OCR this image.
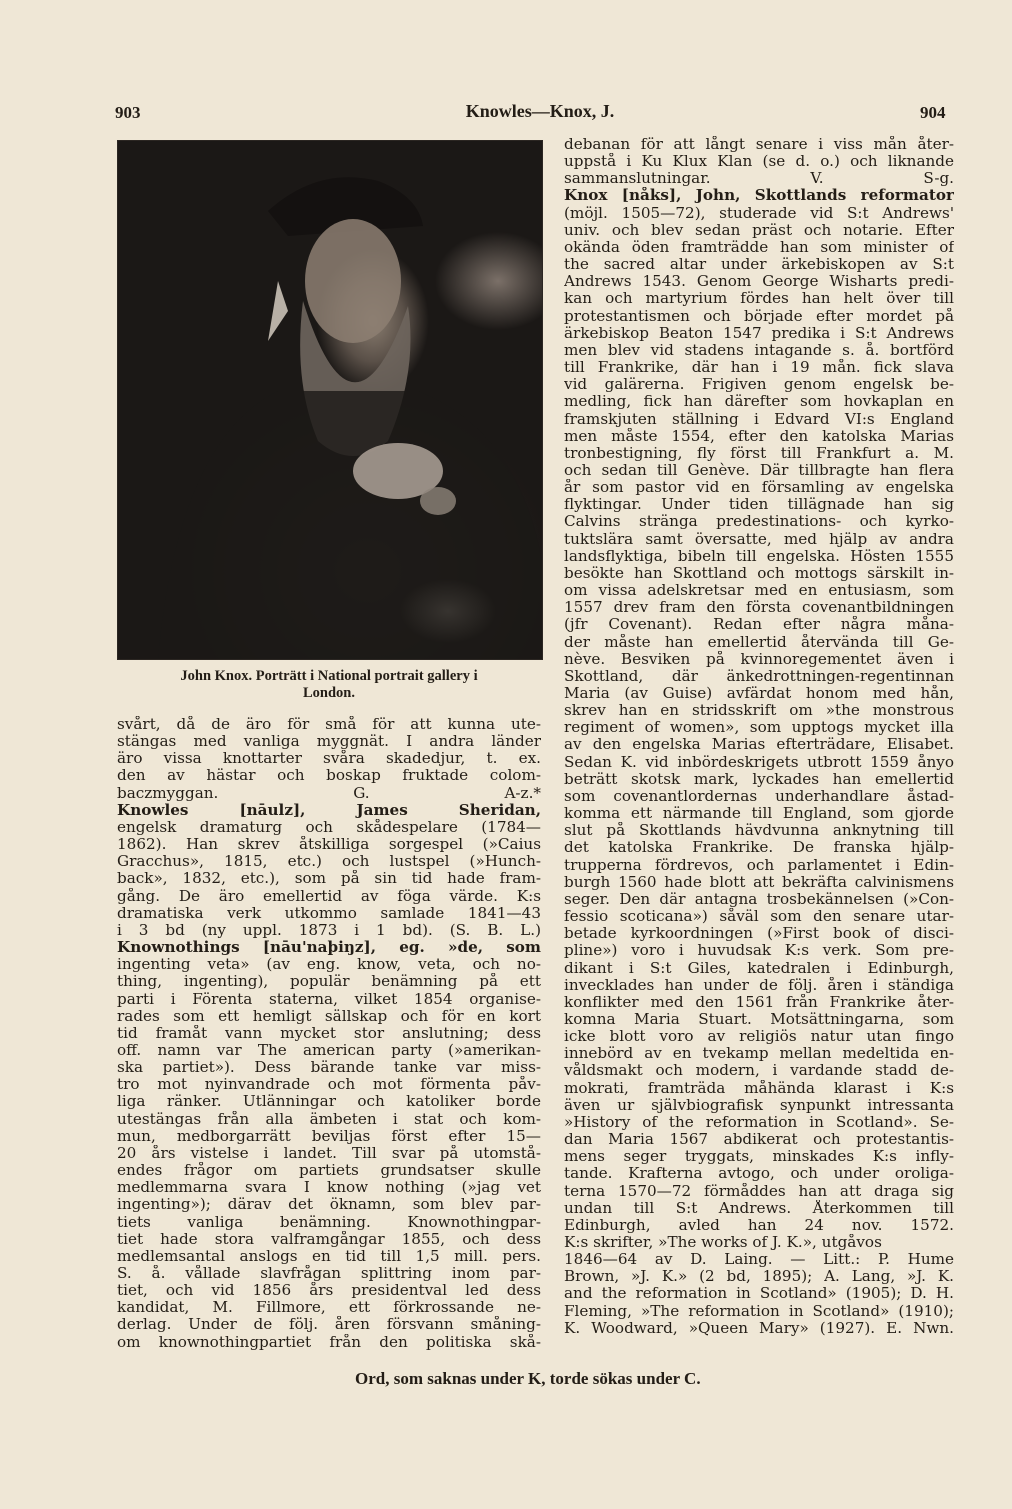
903	Knowles—Knox, J.	904
John Knox. Porträtt i National portrait gallery i
London.
svårt, då de äro för små för att kunna ute-
stängas med vanliga myggnät. I andra länder
äro vissa knottarter svåra skadedjur, t. ex.
den av hästar och boskap fruktade colom-
baczmyggan. G. A-z.*
Knowles [nāulz], James Sheridan,
engelsk dramaturg och skådespelare (1784—
1862). Han skrev åtskilliga sorgespel (»Caius
Gracchus», 1815, etc.) och lustspel (»Hunch-
back», 1832, etc.), som på sin tid hade fram-
gång. De äro emellertid av föga värde. K:s
dramatiska verk utkommo samlade 1841—43
i 3 bd (ny uppl. 1873 i 1 bd). (S. B. L.)
Knownothings [nāu'naþiŋz], eg. »de, som
ingenting veta» (av eng. know, veta, och no-
thing, ingenting), populär benämning på ett
parti i Förenta staterna, vilket 1854 organise-
rades som ett hemligt sällskap och för en kort
tid framåt vann mycket stor anslutning; dess
off. namn var The american party (»amerikan-
ska partiet»). Dess bärande tanke var miss-
tro mot nyinvandrade och mot förmenta påv-
liga ränker. Utlänningar och katoliker borde
utestängas från alla ämbeten i stat och kom-
mun, medborgarrätt beviljas först efter 15—
20 års vistelse i landet. Till svar på utomstå-
endes frågor om partiets grundsatser skulle
medlemmarna svara I know nothing (»jag vet
ingenting»); därav det öknamn, som blev par-
tiets vanliga benämning. Knownothingpar-
tiet hade stora valframgångar 1855, och dess
medlemsantal anslogs en tid till 1,5 mill. pers.
S. å. vållade slavfrågan splittring inom par-
tiet, och vid 1856 års presidentval led dess
kandidat, M. Fillmore, ett förkrossande ne-
derlag. Under de följ. åren försvann småning-
om knownothingpartiet från den politiska skå-
debanan för att långt senare i viss mån åter-
uppstå i Ku Klux Klan (se d. o.) och liknande
sammanslutningar. V. S-g.
Knox [nåks], John, Skottlands reformator
(möjl. 1505—72), studerade vid S:t Andrews'
univ. och blev sedan präst och notarie. Efter
okända öden framträdde han som minister of
the sacred altar under ärkebiskopen av S:t
Andrews 1543. Genom George Wisharts predi-
kan och martyrium fördes han helt över till
protestantismen och började efter mordet på
ärkebiskop Beaton 1547 predika i S:t Andrews
men blev vid stadens intagande s. å. bortförd
till Frankrike, där han i 19 mån. fick slava
vid galärerna. Frigiven genom engelsk be-
medling, fick han därefter som hovkaplan en
framskjuten ställning i Edvard VI:s England
men måste 1554, efter den katolska Marias
tronbestigning, fly först till Frankfurt a. M.
och sedan till Genève. Där tillbragte han flera
år som pastor vid en församling av engelska
flyktingar. Under tiden tillägnade han sig
Calvins stränga predestinations- och kyrko-
tuktslära samt översatte, med hjälp av andra
landsflyktiga, bibeln till engelska. Hösten 1555
besökte han Skottland och mottogs särskilt in-
om vissa adelskretsar med en entusiasm, som
1557 drev fram den första covenantbildningen
(jfr Covenant). Redan efter några måna-
der måste han emellertid återvända till Ge-
nève. Besviken på kvinnoregementet även i
Skottland, där änkedrottningen-regentinnan
Maria (av Guise) avfärdat honom med hån,
skrev han en stridsskrift om »the monstrous
regiment of women», som upptogs mycket illa
av den engelska Marias efterträdare, Elisabet.
Sedan K. vid inbördeskrigets utbrott 1559 ånyo
beträtt skotsk mark, lyckades han emellertid
som covenantlordernas underhandlare åstad-
komma ett närmande till England, som gjorde
slut på Skottlands hävdvunna anknytning till
det katolska Frankrike. De franska hjälp-
trupperna fördrevos, och parlamentet i Edin-
burgh 1560 hade blott att bekräfta calvinismens
seger. Den där antagna trosbekännelsen (»Con-
fessio scoticana») såväl som den senare utar-
betade kyrkoordningen (»First book of disci-
pline») voro i huvudsak K:s verk. Som pre-
dikant i S:t Giles, katedralen i Edinburgh,
invecklades han under de följ. åren i ständiga
konflikter med den 1561 från Frankrike åter-
komna Maria Stuart. Motsättningarna, som
icke blott voro av religiös natur utan fingo
innebörd av en tvekamp mellan medeltida en-
våldsmakt och modern, i vardande stadd de-
mokrati, framträda måhända klarast i K:s
även ur självbiografisk synpunkt intressanta
»History of the reformation in Scotland». Se-
dan Maria 1567 abdikerat och protestantis-
mens seger tryggats, minskades K:s infly-
tande. Krafterna avtogo, och under oroliga-
terna 1570—72 förmåddes han att draga sig
undan till S:t Andrews. Återkommen till
Edinburgh, avled han 24 nov. 1572.
K:s skrifter, »The works of J. K.», utgåvos
1846—64 av D. Laing. — Litt.: P. Hume
Brown, »J. K.» (2 bd, 1895); A. Lang, »J. K.
and the reformation in Scotland» (1905); D. H.
Fleming, »The reformation in Scotland» (1910);
K. Woodward, »Queen Mary» (1927). E. Nwn.
Ord, som saknas under K, torde sökas under C.
